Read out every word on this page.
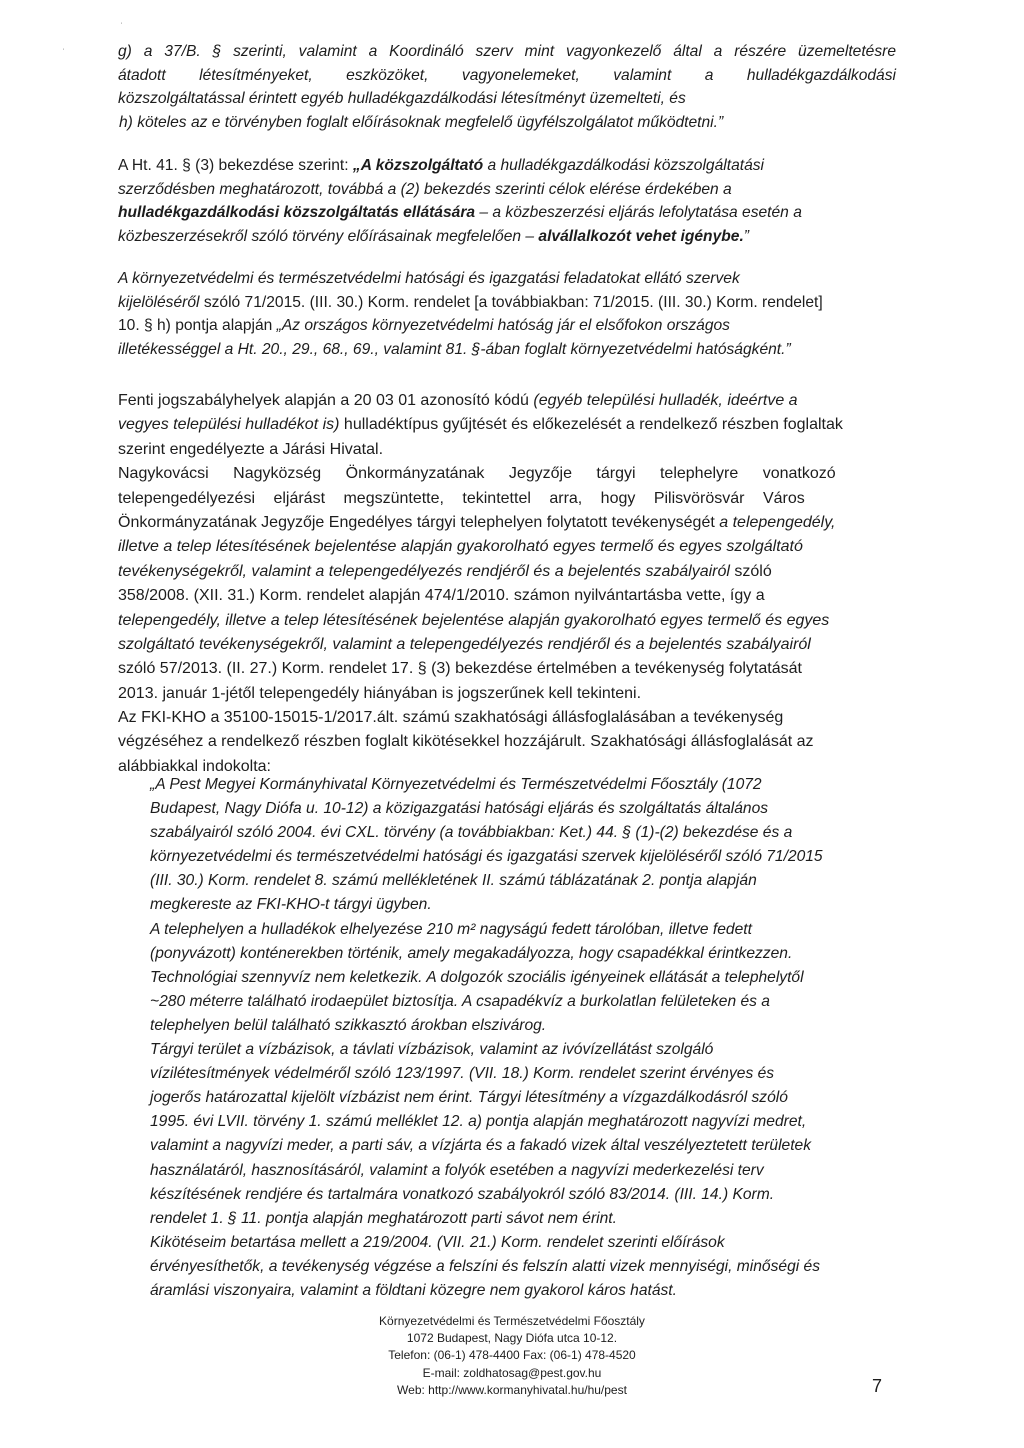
ˌ
ˌ	g) a 37/B. § szerinti, valamint a Koordináló szerv mint vagyonkezelő által a részére üzemeltetésre
átadott létesítményeket, eszközöket, vagyonelemeket, valamint a hulladékgazdálkodási
közszolgáltatással érintett egyéb hulladékgazdálkodási létesítményt üzemelteti, és
h) köteles az e törvényben foglalt előírásoknak megfelelő ügyfélszolgálatot működtetni.”
A Ht. 41. § (3) bekezdése szerint: „A közszolgáltató a hulladékgazdálkodási közszolgáltatási
szerződésben meghatározott, továbbá a (2) bekezdés szerinti célok elérése érdekében a
hulladékgazdálkodási közszolgáltatás ellátására – a közbeszerzési eljárás lefolytatása esetén a
közbeszerzésekről szóló törvény előírásainak megfelelően – alvállalkozót vehet igénybe.”
A környezetvédelmi és természetvédelmi hatósági és igazgatási feladatokat ellátó szervek
kijelöléséről szóló 71/2015. (III. 30.) Korm. rendelet [a továbbiakban: 71/2015. (III. 30.) Korm. rendelet]
10. § h) pontja alapján „Az országos környezetvédelmi hatóság jár el elsőfokon országos
illetékességgel a Ht. 20., 29., 68., 69., valamint 81. §-ában foglalt környezetvédelmi hatóságként.”
Fenti jogszabályhelyek alapján a 20 03 01 azonosító kódú (egyéb települési hulladék, ideértve a
vegyes települési hulladékot is) hulladéktípus gyűjtését és előkezelését a rendelkező részben foglaltak
szerint engedélyezte a Járási Hivatal.
Nagykovácsi Nagyközség Önkormányzatának Jegyzője tárgyi telephelyre vonatkozó
telepengedélyezési eljárást megszüntette, tekintettel arra, hogy Pilisvörösvár Város
Önkormányzatának Jegyzője Engedélyes tárgyi telephelyen folytatott tevékenységét a telepengedély,
illetve a telep létesítésének bejelentése alapján gyakorolható egyes termelő és egyes szolgáltató
tevékenységekről, valamint a telepengedélyezés rendjéről és a bejelentés szabályairól szóló
358/2008. (XII. 31.) Korm. rendelet alapján 474/1/2010. számon nyilvántartásba vette, így a
telepengedély, illetve a telep létesítésének bejelentése alapján gyakorolható egyes termelő és egyes
szolgáltató tevékenységekről, valamint a telepengedélyezés rendjéről és a bejelentés szabályairól
szóló 57/2013. (II. 27.) Korm. rendelet 17. § (3) bekezdése értelmében a tevékenység folytatását
2013. január 1-jétől telepengedély hiányában is jogszerűnek kell tekinteni.
Az FKI-KHO a 35100-15015-1/2017.ált. számú szakhatósági állásfoglalásában a tevékenység
végzéséhez a rendelkező részben foglalt kikötésekkel hozzájárult. Szakhatósági állásfoglalását az
alábbiakkal indokolta:
„A Pest Megyei Kormányhivatal Környezetvédelmi és Természetvédelmi Főosztály (1072
Budapest, Nagy Diófa u. 10-12) a közigazgatási hatósági eljárás és szolgáltatás általános
szabályairól szóló 2004. évi CXL. törvény (a továbbiakban: Ket.) 44. § (1)-(2) bekezdése és a
környezetvédelmi és természetvédelmi hatósági és igazgatási szervek kijelöléséről szóló 71/2015
(III. 30.) Korm. rendelet 8. számú mellékletének II. számú táblázatának 2. pontja alapján
megkereste az FKI-KHO-t tárgyi ügyben.
A telephelyen a hulladékok elhelyezése 210 m² nagyságú fedett tárolóban, illetve fedett
(ponyvázott) konténerekben történik, amely megakadályozza, hogy csapadékkal érintkezzen.
Technológiai szennyvíz nem keletkezik. A dolgozók szociális igényeinek ellátását a telephelytől
~280 méterre található irodaepület biztosítja. A csapadékvíz a burkolatlan felületeken és a
telephelyen belül található szikkasztó árokban elszivárog.
Tárgyi terület a vízbázisok, a távlati vízbázisok, valamint az ivóvízellátást szolgáló
vízilétesítmények védelméről szóló 123/1997. (VII. 18.) Korm. rendelet szerint érvényes és
jogerős határozattal kijelölt vízbázist nem érint. Tárgyi létesítmény a vízgazdálkodásról szóló
1995. évi LVII. törvény 1. számú melléklet 12. a) pontja alapján meghatározott nagyvízi medret,
valamint a nagyvízi meder, a parti sáv, a vízjárta és a fakadó vizek által veszélyeztetett területek
használatáról, hasznosításáról, valamint a folyók esetében a nagyvízi mederkezelési terv
készítésének rendjére és tartalmára vonatkozó szabályokról szóló 83/2014. (III. 14.) Korm.
rendelet 1. § 11. pontja alapján meghatározott parti sávot nem érint.
Kikötéseim betartása mellett a 219/2004. (VII. 21.) Korm. rendelet szerinti előírások
érvényesíthetők, a tevékenység végzése a felszíni és felszín alatti vizek mennyiségi, minőségi és
áramlási viszonyaira, valamint a földtani közegre nem gyakorol káros hatást.
Környezetvédelmi és Természetvédelmi Főosztály
1072 Budapest, Nagy Diófa utca 10-12.
Telefon: (06-1) 478-4400 Fax: (06-1) 478-4520
E-mail: zoldhatosag@pest.gov.hu
Web: http://www.kormanyhivatal.hu/hu/pest	7
